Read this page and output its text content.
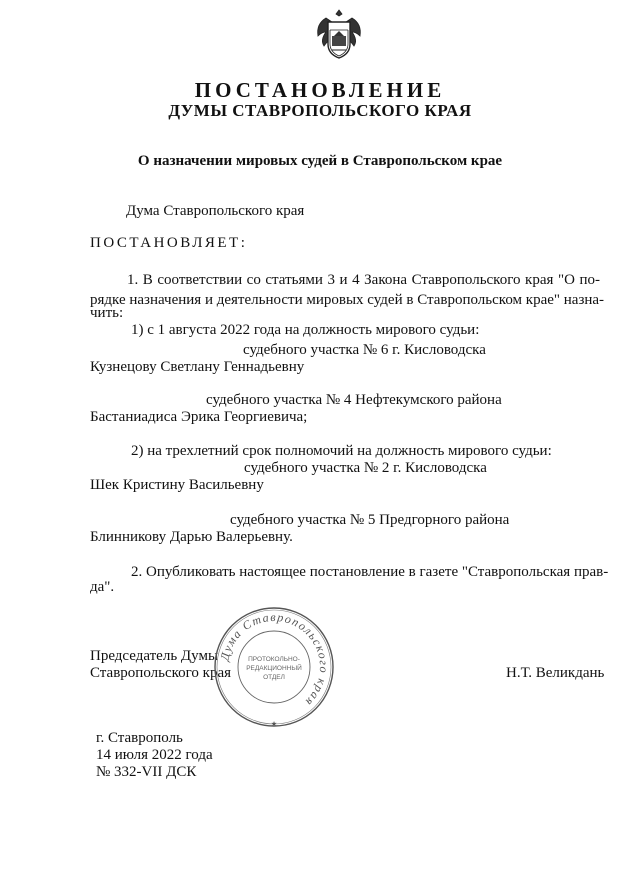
ПОСТАНОВЛЕНИЕ
ДУМЫ СТАВРОПОЛЬСКОГО КРАЯ
О назначении мировых судей в Ставропольском крае
Дума Ставропольского края
ПОСТАНОВЛЯЕТ:
1. В соответствии со статьями 3 и 4 Закона Ставропольского края "О по-
рядке назначения и деятельности мировых судей в Ставропольском крае" назна-
чить:
1) с 1 августа 2022 года на должность мирового судьи:
судебного участка № 6 г. Кисловодска
Кузнецову Светлану Геннадьевну
судебного участка № 4 Нефтекумского района
Бастаниадиса Эрика Георгиевича;
2) на трехлетний срок полномочий на должность мирового судьи:
судебного участка № 2 г. Кисловодска
Шек Кристину Васильевну
судебного участка № 5 Предгорного района
Блинникову Дарью Валерьевну.
2. Опубликовать настоящее постановление в газете "Ставропольская прав-
да".
Председатель Думы
Ставропольского края	Н.Т. Великдань
Дума Ставропольского края
ПРОТОКОЛЬНО-
РЕДАКЦИОННЫЙ
ОТДЕЛ
★
г. Ставрополь
14 июля 2022 года
№ 332-VII ДСК
